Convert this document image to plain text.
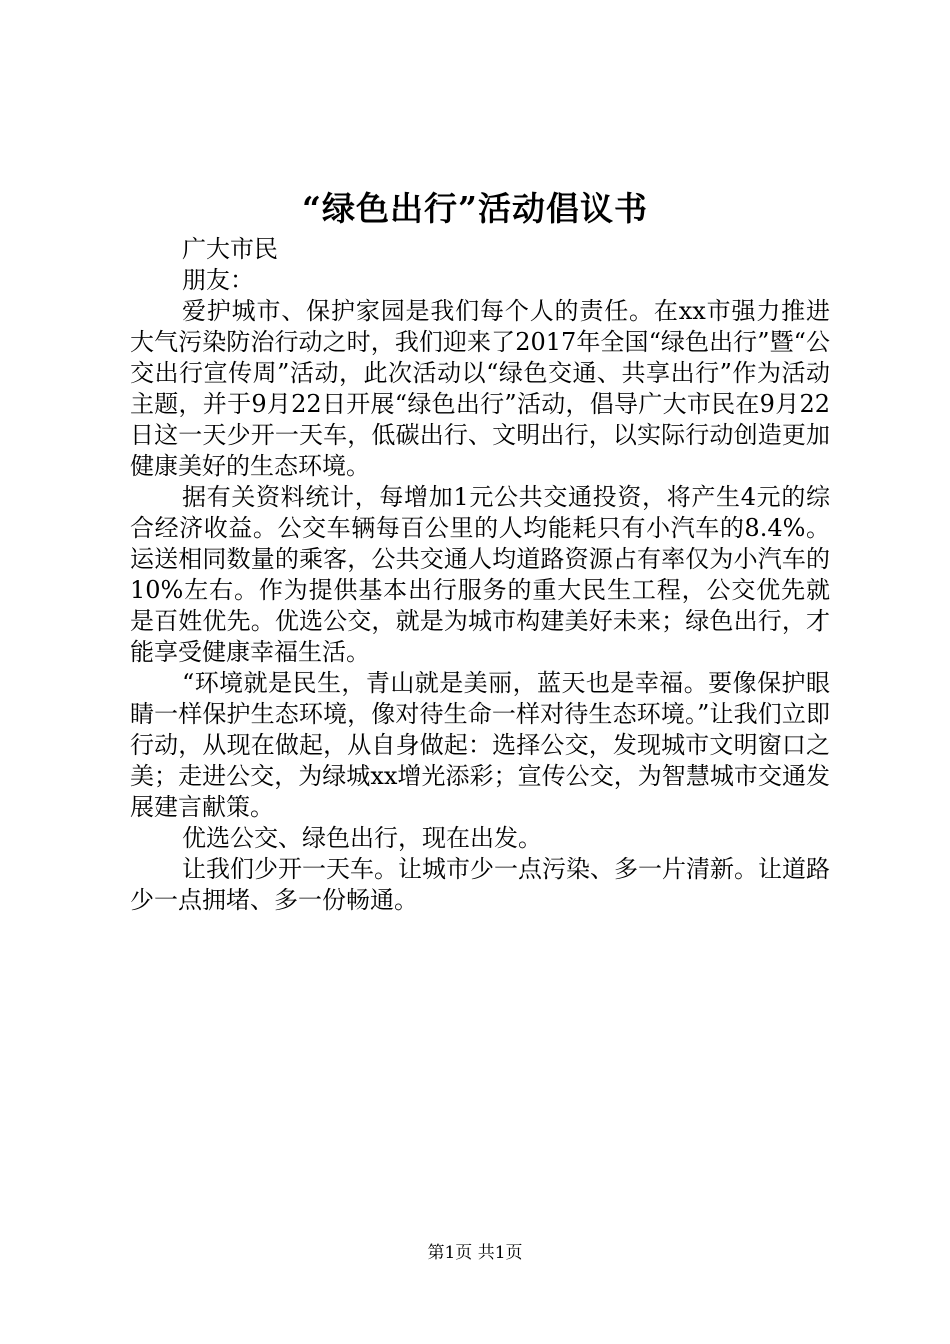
“绿色出行”活动倡议书

广大市民

朋友：

爱护城市、保护家园是我们每个人的责任。在xx市强力推进大气污染防治行动之时，我们迎来了2017年全国“绿色出行”暨“公交出行宣传周”活动，此次活动以“绿色交通、共享出行”作为活动主题，并于9月22日开展“绿色出行”活动，倡导广大市民在9月22日这一天少开一天车，低碳出行、文明出行，以实际行动创造更加健康美好的生态环境。

据有关资料统计，每增加1元公共交通投资，将产生4元的综合经济收益。公交车辆每百公里的人均能耗只有小汽车的8.4%。运送相同数量的乘客，公共交通人均道路资源占有率仅为小汽车的10%左右。作为提供基本出行服务的重大民生工程，公交优先就是百姓优先。优选公交，就是为城市构建美好未来；绿色出行，才能享受健康幸福生活。

“环境就是民生，青山就是美丽，蓝天也是幸福。要像保护眼睛一样保护生态环境，像对待生命一样对待生态环境。”让我们立即行动，从现在做起，从自身做起：选择公交，发现城市文明窗口之美；走进公交，为绿城xx增光添彩；宣传公交，为智慧城市交通发展建言献策。

优选公交、绿色出行，现在出发。

让我们少开一天车。让城市少一点污染、多一片清新。让道路少一点拥堵、多一份畅通。

第1页 共1页
